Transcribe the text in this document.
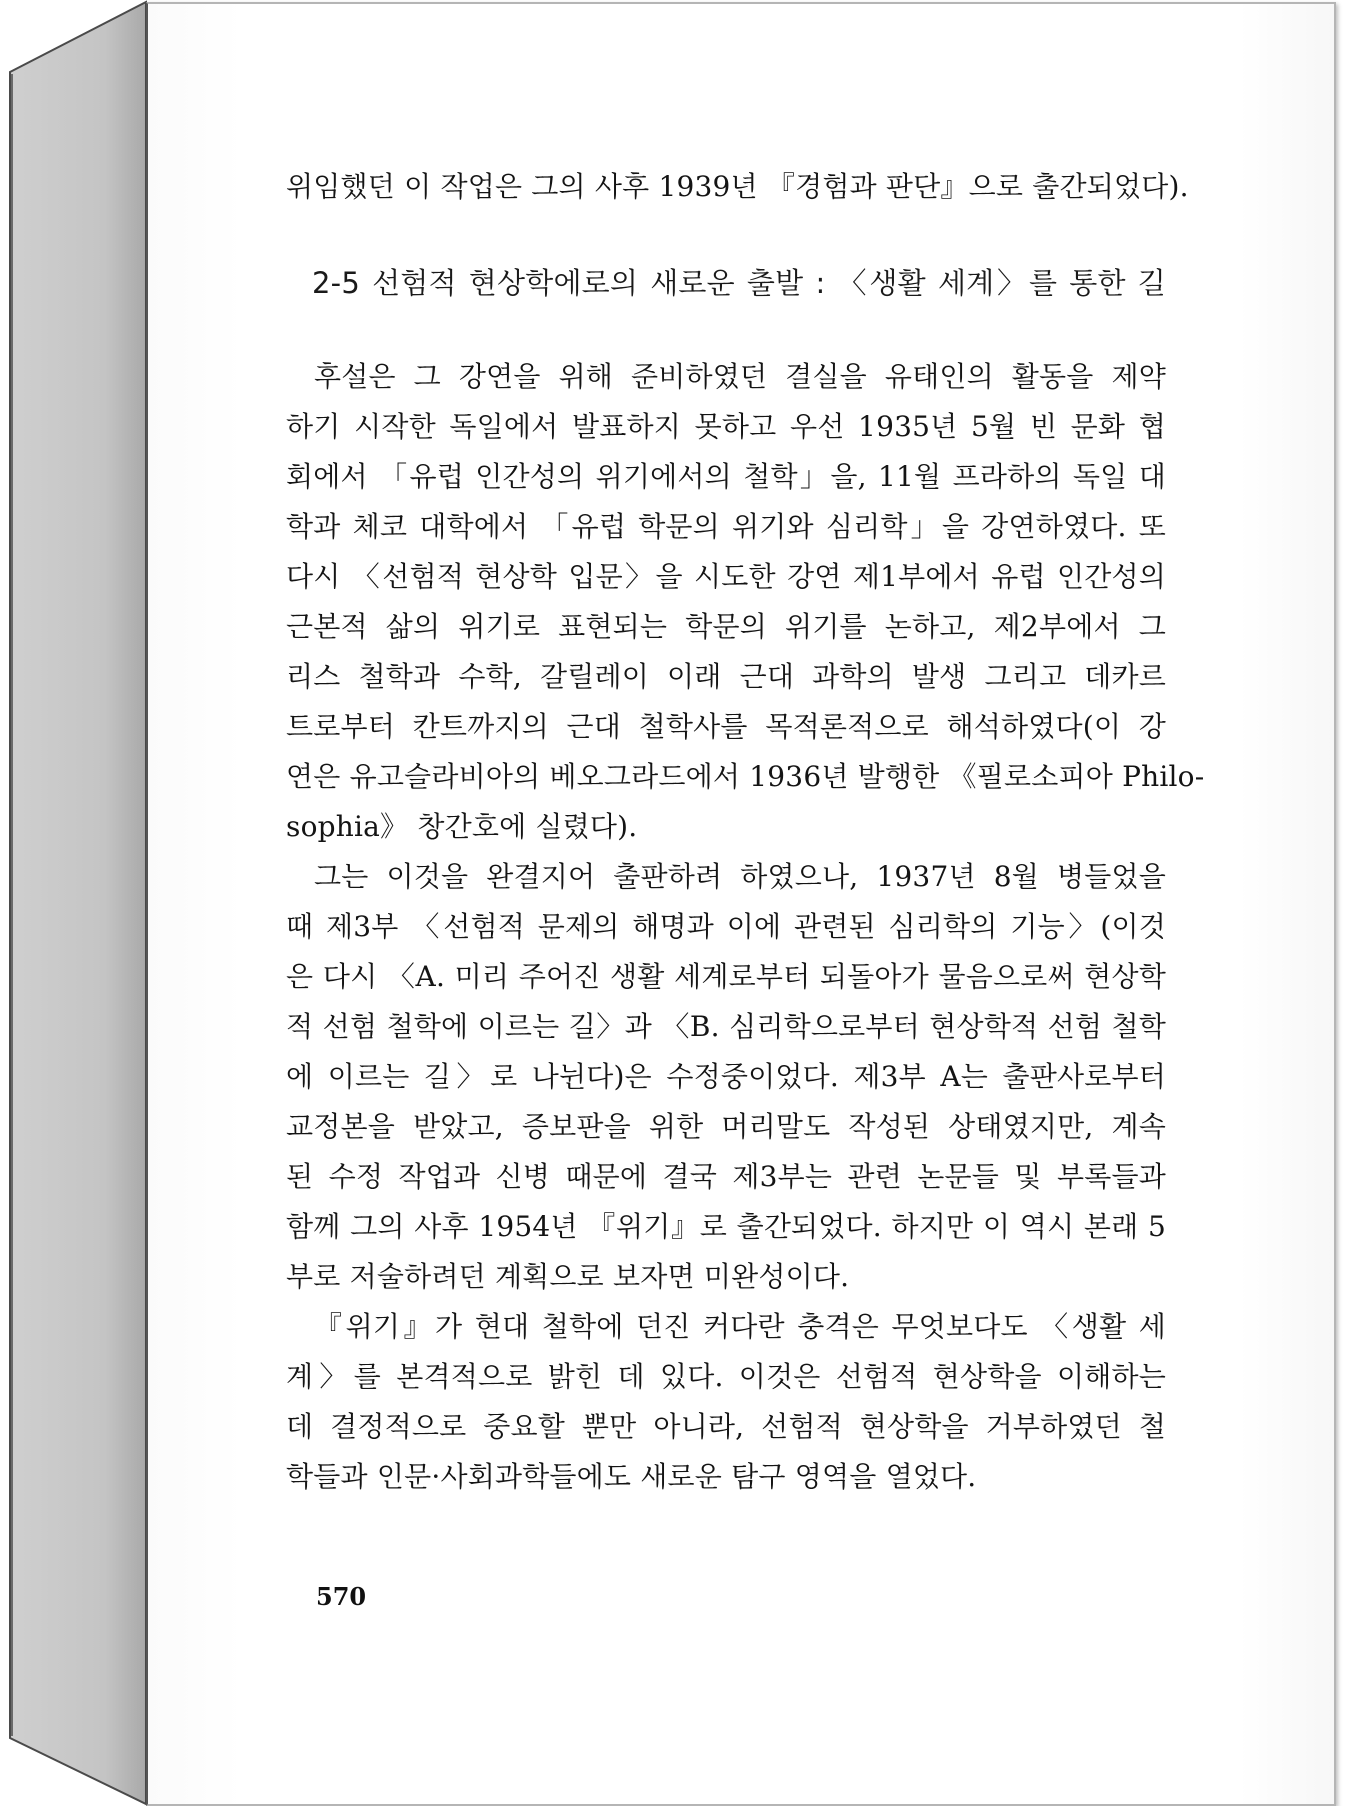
위임했던 이 작업은 그의 사후 1939년 『경험과 판단』으로 출간되었다).
2-5 선험적 현상학에로의 새로운 출발 : 〈생활 세계〉를 통한 길
후설은 그 강연을 위해 준비하였던 결실을 유태인의 활동을 제약
하기 시작한 독일에서 발표하지 못하고 우선 1935년 5월 빈 문화 협
회에서 「유럽 인간성의 위기에서의 철학」을, 11월 프라하의 독일 대
학과 체코 대학에서 「유럽 학문의 위기와 심리학」을 강연하였다. 또
다시 〈선험적 현상학 입문〉을 시도한 강연 제1부에서 유럽 인간성의
근본적 삶의 위기로 표현되는 학문의 위기를 논하고, 제2부에서 그
리스 철학과 수학, 갈릴레이 이래 근대 과학의 발생 그리고 데카르
트로부터 칸트까지의 근대 철학사를 목적론적으로 해석하였다(이 강
연은 유고슬라비아의 베오그라드에서 1936년 발행한 《필로소피아 Philo-
sophia》 창간호에 실렸다).
그는 이것을 완결지어 출판하려 하였으나, 1937년 8월 병들었을
때 제3부 〈선험적 문제의 해명과 이에 관련된 심리학의 기능〉(이것
은 다시 〈A. 미리 주어진 생활 세계로부터 되돌아가 물음으로써 현상학
적 선험 철학에 이르는 길〉과 〈B. 심리학으로부터 현상학적 선험 철학
에 이르는 길〉로 나뉜다)은 수정중이었다. 제3부 A는 출판사로부터
교정본을 받았고, 증보판을 위한 머리말도 작성된 상태였지만, 계속
된 수정 작업과 신병 때문에 결국 제3부는 관련 논문들 및 부록들과
함께 그의 사후 1954년 『위기』로 출간되었다. 하지만 이 역시 본래 5
부로 저술하려던 계획으로 보자면 미완성이다.
『위기』가 현대 철학에 던진 커다란 충격은 무엇보다도 〈생활 세
계〉를 본격적으로 밝힌 데 있다. 이것은 선험적 현상학을 이해하는
데 결정적으로 중요할 뿐만 아니라, 선험적 현상학을 거부하였던 철
학들과 인문·사회과학들에도 새로운 탐구 영역을 열었다.
570
